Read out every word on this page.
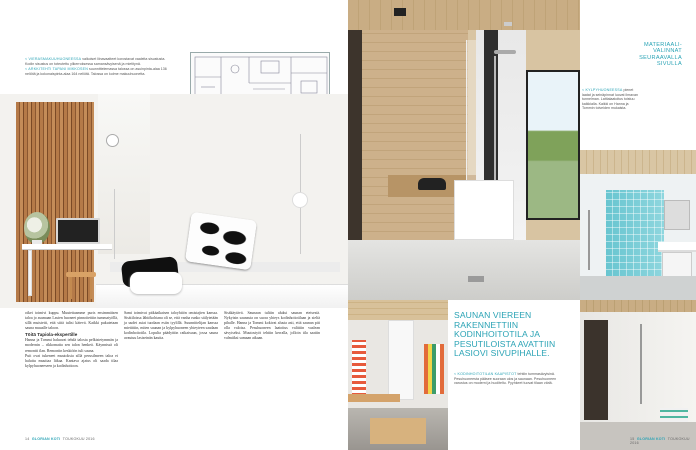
< VIERASMAKUUHUONEESSA valkoiset liinavaatteet korostavat vaaleita sisustusta. Kodin sisustus on toteutettu ylikerroksessa samansävyisenä ja mietitynä.

< ARKKITEHTI TAPANI MIKKOSEN suunnittelemassa talossa on asuinpinta-alaa 136 neliötä ja kokonaispinta-alaa 164 neliötä. Talossa on kolme makuuhuonetta.

oikei toimivi kuppu. Muutettaamme puris ensimmäisen taloa jo asumaan Lasten huoneet pinnoitettiin tummatyöllä, sillä muistetti, että siitä tulisi kätevä. Kaikki pukutetaan sauna muualle taloon.

Töitä Tapiola-ekspertille

Hanna ja Tommi haluavat tehdä talosta pelkistetymmän ja modernin – rikkomatta sen talon henkeä. Käynnissä oli remontti ilan. Remontin keskiöön tuli sauna.

Puit ovat tukeneet muutoksia sillä perusilmeen taloa ei haluttu muuttaa liikaa. Kantava ajatus oli saada tilaa kylpyhuoneeseen ja kodinhoitoon.

Sami toimivat pitkäaikaisen taloyhtiön omistajien kanssa. Sisätiloissa lähtökohtana oli se, että vanha runko säilytetään ja uudet asiat tuodaan esiin tyylillä. Suunnittelijan kanssa mietittiin, miten saunan ja kylpyhuoneen yhteyteen saadaan kodinhoitotila. Lopulta päädyttiin ratkaisuun, jossa sauna avautuu lasiseinän kautta.

Sisäkäytävä. Saunaan tultiin aluksi saunan eteisestä. Nykyisin saunasta on suora yhteys kodinhoitotilaan ja sieltä pihalle. Hanna ja Tommi kokivat alusta asti, että saunan piti olla valoisa. Pesuhuoneen laatoitus valittiin vaalean sävyiseksi. Muutostyöt tehtiin kerralla, jolloin tila saatiin valmiiksi samaan aikaan.

14 GLORIAN KOTI TOUKOKUU 2016
MATERIAALI-VALINNAT SEURAAVALLA SIVULLA
< KYLPYHUONEESSA pienet laatat ja seinäpinnat luovat ilmavan tunnelman. Lattialaatoitus toistuu kaikkialla. Kaikki on Hanna ja Tommin toiveiden mukaista.
SAUNAN VIEREEN RAKENNETTIIN KODINHOITOTILA JA PESUTILOISTA AVATTIIN LASIOVI SIVUPIHALLE.
< KODINHOITOTILAN KAAPISTOT tehtiin tummasävyisinä. Pesuhuoneesta pääsee suoraan ulos ja saunaan. Pesuhuoneen varustus on moderni ja huoliteltu. Pyyhkeet tuovat tilaan väriä.
15 GLORIAN KOTI TOUKOKUU 2016
